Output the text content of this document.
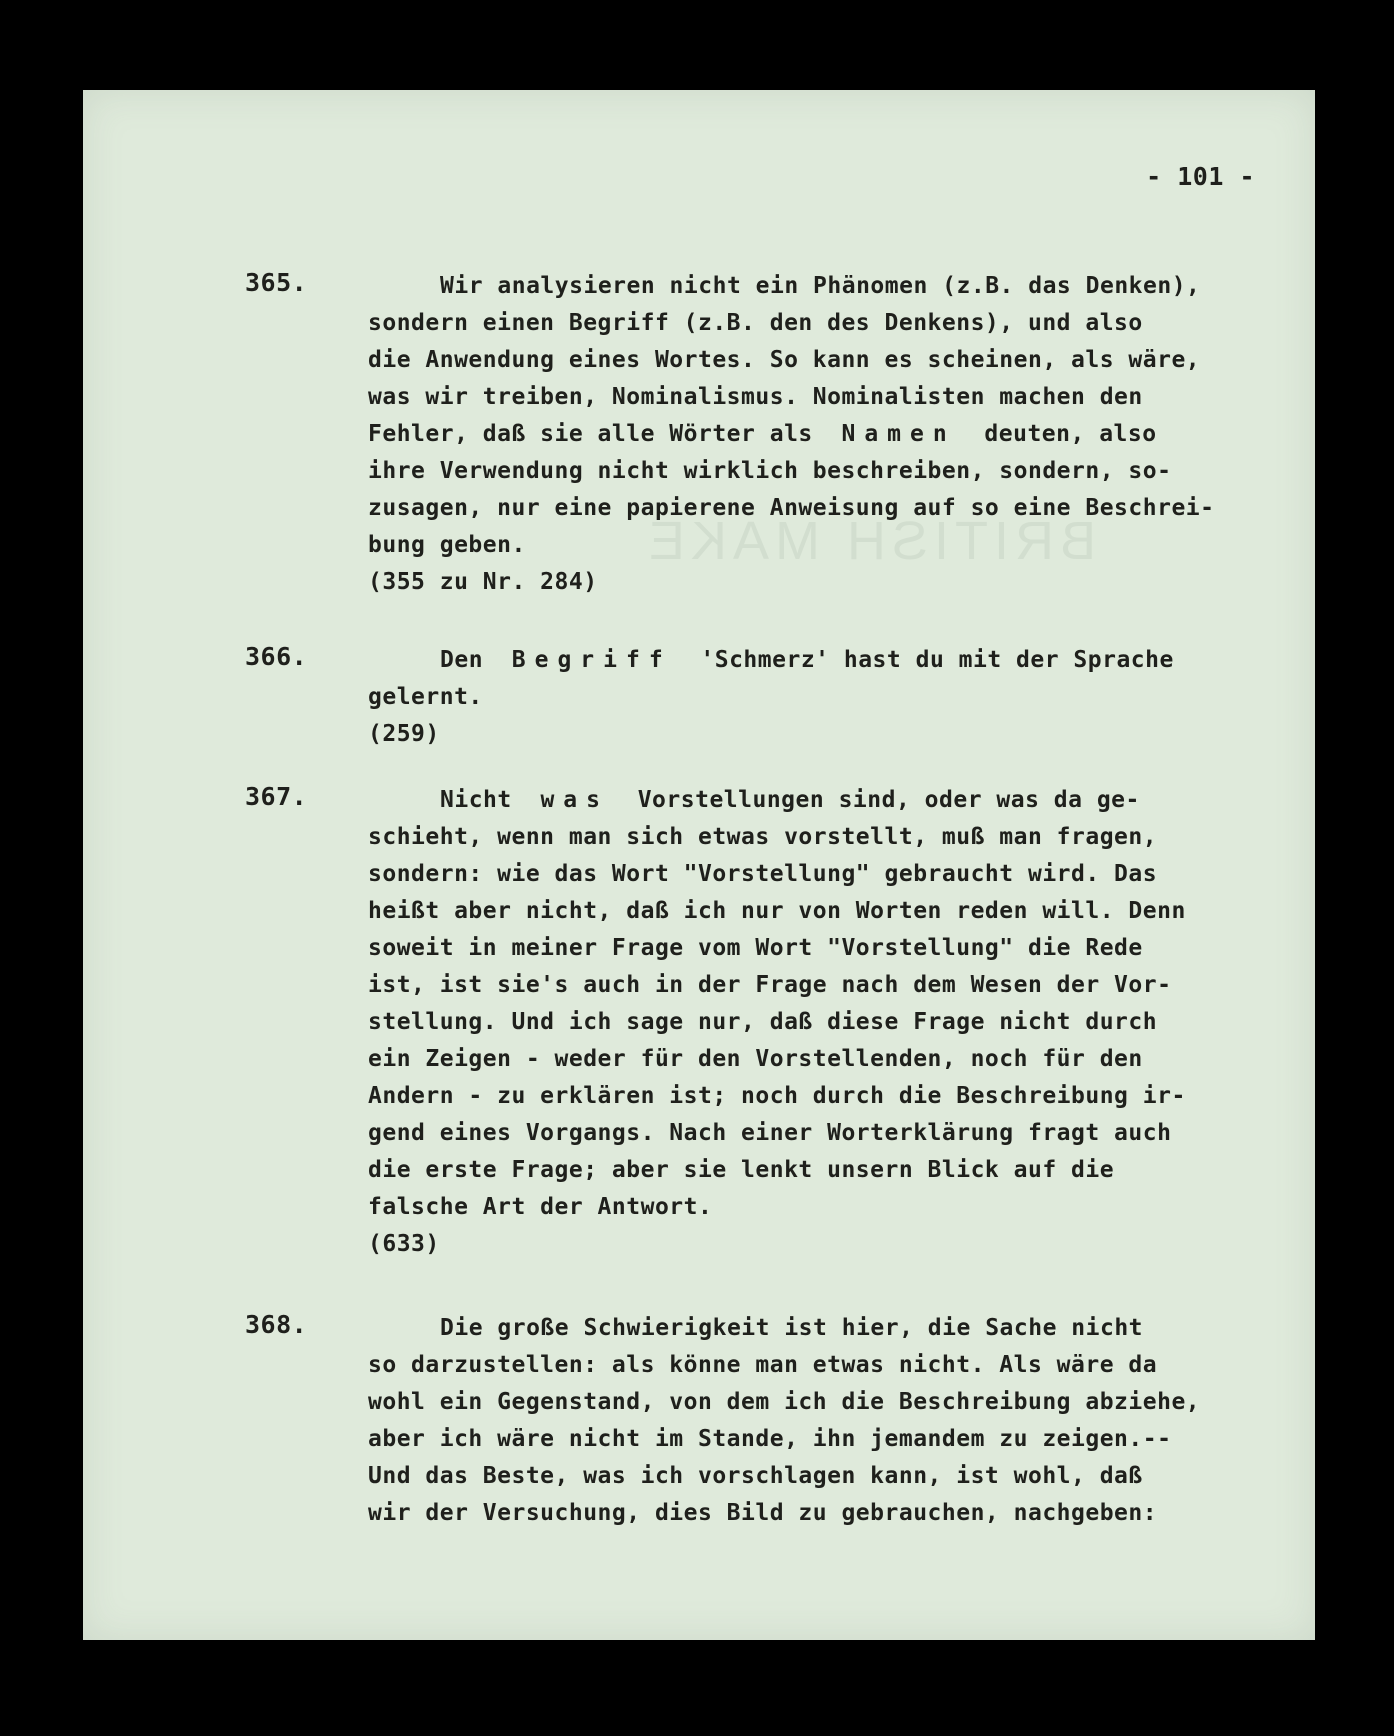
BRITISH MAKE
- 101 -
365.	Wir analysieren nicht ein Phänomen (z.B. das Denken),
sondern einen Begriff (z.B. den des Denkens), und also
die Anwendung eines Wortes. So kann es scheinen, als wäre,
was wir treiben, Nominalismus. Nominalisten machen den
Fehler, daß sie alle Wörter als Namen deuten, also
ihre Verwendung nicht wirklich beschreiben, sondern, so-
zusagen, nur eine papierene Anweisung auf so eine Beschrei-
bung geben.
(355 zu Nr. 284)
366.	Den Begriff 'Schmerz' hast du mit der Sprache
gelernt.
(259)
367.	Nicht was Vorstellungen sind, oder was da ge-
schieht, wenn man sich etwas vorstellt, muß man fragen,
sondern: wie das Wort "Vorstellung" gebraucht wird. Das
heißt aber nicht, daß ich nur von Worten reden will. Denn
soweit in meiner Frage vom Wort "Vorstellung" die Rede
ist, ist sie's auch in der Frage nach dem Wesen der Vor-
stellung. Und ich sage nur, daß diese Frage nicht durch
ein Zeigen - weder für den Vorstellenden, noch für den
Andern - zu erklären ist; noch durch die Beschreibung ir-
gend eines Vorgangs. Nach einer Worterklärung fragt auch
die erste Frage; aber sie lenkt unsern Blick auf die
falsche Art der Antwort.
(633)
368.	Die große Schwierigkeit ist hier, die Sache nicht
so darzustellen: als könne man etwas nicht. Als wäre da
wohl ein Gegenstand, von dem ich die Beschreibung abziehe,
aber ich wäre nicht im Stande, ihn jemandem zu zeigen.--
Und das Beste, was ich vorschlagen kann, ist wohl, daß
wir der Versuchung, dies Bild zu gebrauchen, nachgeben:
